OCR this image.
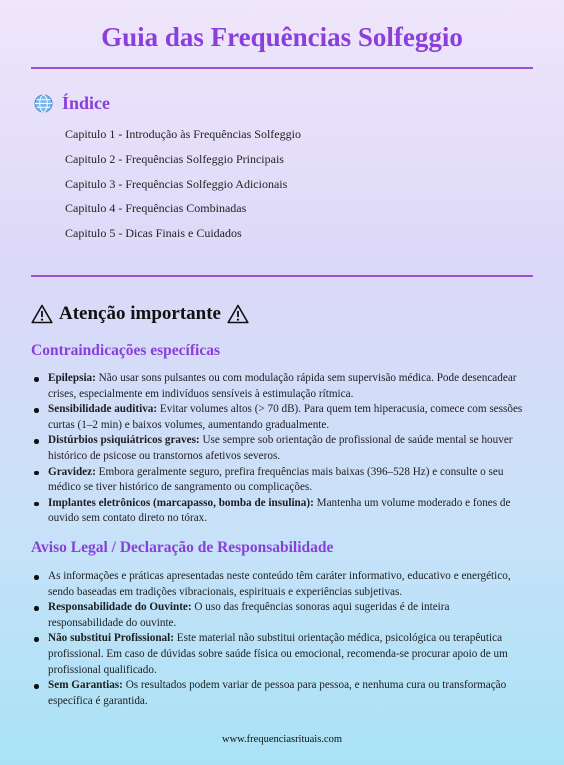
Guia das Frequências Solfeggio
Índice
Capitulo 1 - Introdução às Frequências Solfeggio
Capitulo 2 - Frequências Solfeggio Principais
Capitulo 3 - Frequências Solfeggio Adicionais
Capitulo 4 - Frequências Combinadas
Capitulo 5 - Dicas Finais e Cuidados
Atenção importante
Contraindicações específicas
Epilepsia: Não usar sons pulsantes ou com modulação rápida sem supervisão médica. Pode desencadear crises, especialmente em indivíduos sensíveis à estimulação rítmica.
Sensibilidade auditiva: Evitar volumes altos (> 70 dB). Para quem tem hiperacusia, comece com sessões curtas (1–2 min) e baixos volumes, aumentando gradualmente.
Distúrbios psiquiátricos graves: Use sempre sob orientação de profissional de saúde mental se houver histórico de psicose ou transtornos afetivos severos.
Gravidez: Embora geralmente seguro, prefira frequências mais baixas (396–528 Hz) e consulte o seu médico se tiver histórico de sangramento ou complicações.
Implantes eletrônicos (marcapasso, bomba de insulina): Mantenha um volume moderado e fones de ouvido sem contato direto no tórax.
Aviso Legal / Declaração de Responsabilidade
As informações e práticas apresentadas neste conteúdo têm caráter informativo, educativo e energético, sendo baseadas em tradições vibracionais, espirituais e experiências subjetivas.
Responsabilidade do Ouvinte: O uso das frequências sonoras aqui sugeridas é de inteira responsabilidade do ouvinte.
Não substitui Profissional: Este material não substitui orientação médica, psicológica ou terapêutica profissional. Em caso de dúvidas sobre saúde física ou emocional, recomenda-se procurar apoio de um profissional qualificado.
Sem Garantias: Os resultados podem variar de pessoa para pessoa, e nenhuma cura ou transformação específica é garantida.
www.frequenciasrituais.com
